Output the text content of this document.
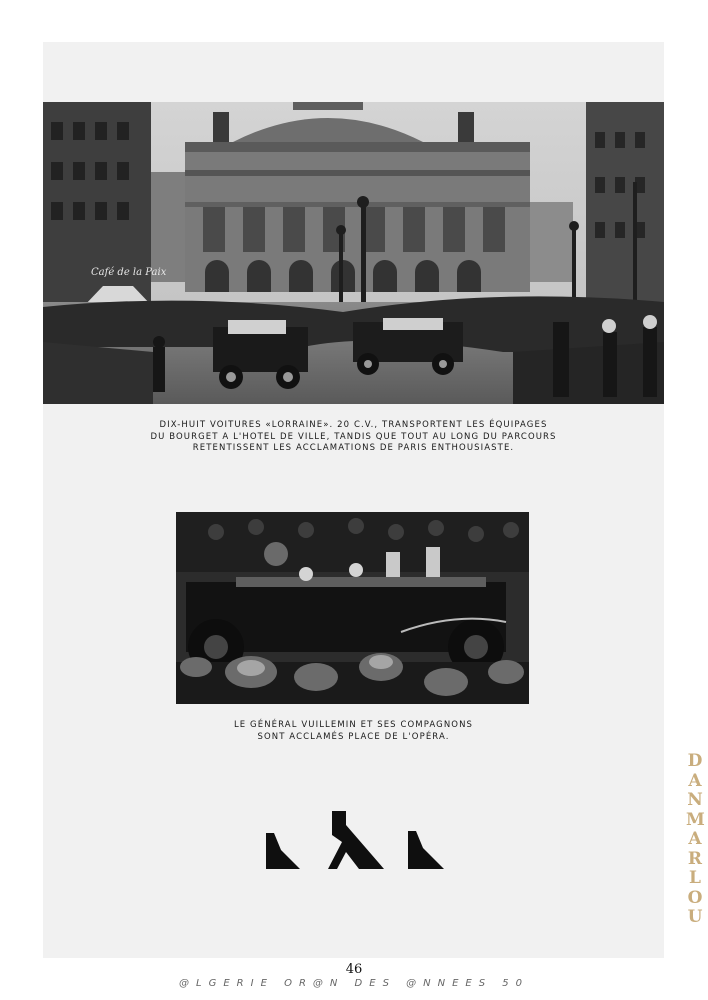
Café de la Paix
DIX-HUIT VOITURES «LORRAINE». 20 C.V., TRANSPORTENT LES ÉQUIPAGES
DU BOURGET A L'HOTEL DE VILLE, TANDIS QUE TOUT AU LONG DU PARCOURS
RETENTISSENT LES ACCLAMATIONS DE PARIS ENTHOUSIASTE.
LE GÉNÉRAL VUILLEMIN ET SES COMPAGNONS
SONT ACCLAMÉS PLACE DE L'OPÉRA.
46
@LGERIE OR@N DES @NNEES 50
DANMARLOU
